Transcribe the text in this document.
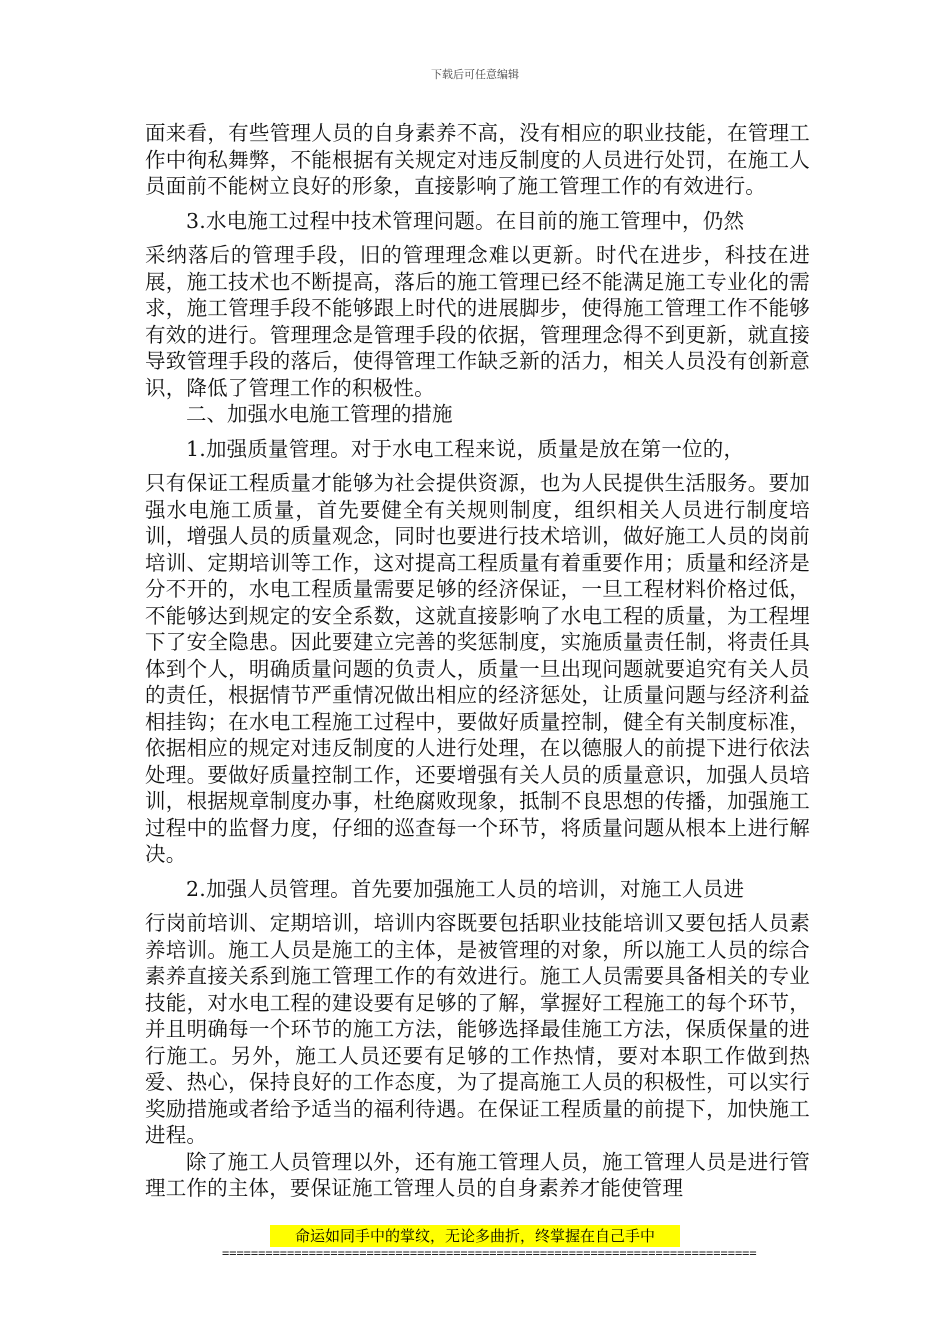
下载后可任意编辑

面来看，有些管理人员的自身素养不高，没有相应的职业技能，在管理工作中徇私舞弊，不能根据有关规定对违反制度的人员进行处罚，在施工人员面前不能树立良好的形象，直接影响了施工管理工作的有效进行。

3.水电施工过程中技术管理问题。在目前的施工管理中，仍然

采纳落后的管理手段，旧的管理理念难以更新。时代在进步，科技在进展，施工技术也不断提高，落后的施工管理已经不能满足施工专业化的需求，施工管理手段不能够跟上时代的进展脚步，使得施工管理工作不能够有效的进行。管理理念是管理手段的依据，管理理念得不到更新，就直接导致管理手段的落后，使得管理工作缺乏新的活力，相关人员没有创新意识，降低了管理工作的积极性。

二、加强水电施工管理的措施

1.加强质量管理。对于水电工程来说，质量是放在第一位的，

只有保证工程质量才能够为社会提供资源，也为人民提供生活服务。要加强水电施工质量，首先要健全有关规则制度，组织相关人员进行制度培训，增强人员的质量观念，同时也要进行技术培训，做好施工人员的岗前培训、定期培训等工作，这对提高工程质量有着重要作用；质量和经济是分不开的，水电工程质量需要足够的经济保证，一旦工程材料价格过低，不能够达到规定的安全系数，这就直接影响了水电工程的质量，为工程埋下了安全隐患。因此要建立完善的奖惩制度，实施质量责任制，将责任具体到个人，明确质量问题的负责人，质量一旦出现问题就要追究有关人员的责任，根据情节严重情况做出相应的经济惩处，让质量问题与经济利益相挂钩；在水电工程施工过程中，要做好质量控制，健全有关制度标准，依据相应的规定对违反制度的人进行处理，在以德服人的前提下进行依法处理。要做好质量控制工作，还要增强有关人员的质量意识，加强人员培训，根据规章制度办事，杜绝腐败现象，抵制不良思想的传播，加强施工过程中的监督力度，仔细的巡查每一个环节，将质量问题从根本上进行解决。

2.加强人员管理。首先要加强施工人员的培训，对施工人员进

行岗前培训、定期培训，培训内容既要包括职业技能培训又要包括人员素养培训。施工人员是施工的主体，是被管理的对象，所以施工人员的综合素养直接关系到施工管理工作的有效进行。施工人员需要具备相关的专业技能，对水电工程的建设要有足够的了解，掌握好工程施工的每个环节，并且明确每一个环节的施工方法，能够选择最佳施工方法，保质保量的进行施工。另外，施工人员还要有足够的工作热情，要对本职工作做到热爱、热心，保持良好的工作态度，为了提高施工人员的积极性，可以实行奖励措施或者给予适当的福利待遇。在保证工程质量的前提下，加快施工进程。

除了施工人员管理以外，还有施工管理人员，施工管理人员是进行管理工作的主体，要保证施工管理人员的自身素养才能使管理

命运如同手中的掌纹，无论多曲折，终掌握在自己手中
==========================================================================
